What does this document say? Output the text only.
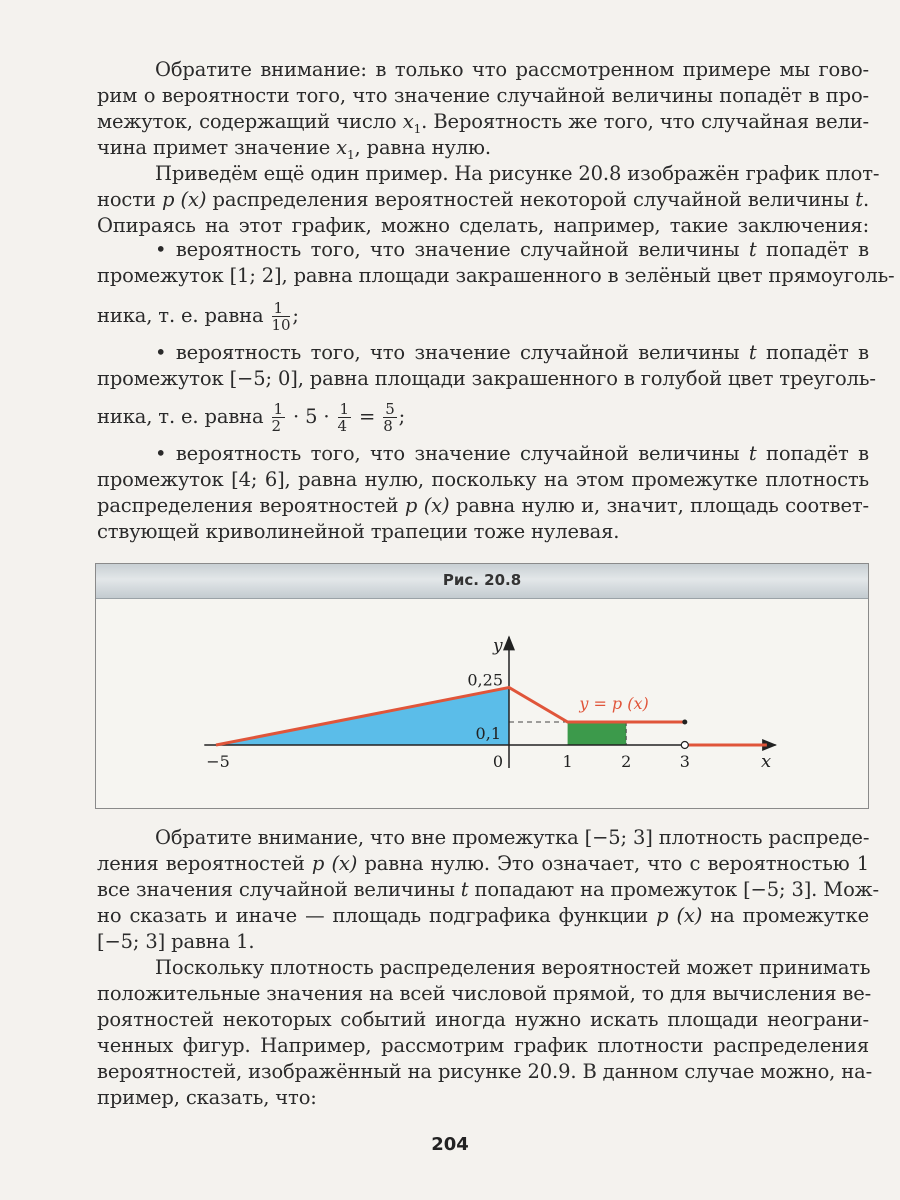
Обратите внимание: в только что рассмотренном примере мы гово-
рим о вероятности того, что значение случайной величины попадёт в про-
межуток, содержащий число $x_1$. Вероятность же того, что случайная вели-
чина примет значение $x_1$, равна нулю.
Приведём ещё один пример. На рисунке 20.8 изображён график плот-
ности p (x) распределения вероятностей некоторой случайной величины t.
Опираясь на этот график, можно сделать, например, такие заключения:
• вероятность того, что значение случайной величины t попадёт в
промежуток [1; 2], равна площади закрашенного в зелёный цвет прямоуголь-
ника, т. е. равна $\frac{1}{10}$ ;
• вероятность того, что значение случайной величины t попадёт в
промежуток [−5; 0], равна площади закрашенного в голубой цвет треуголь-
ника, т. е. равна $\frac{1}{2} \cdot 5 \cdot \frac{1}{4} = \frac{5}{8}$ ;
• вероятность того, что значение случайной величины t попадёт в
промежуток [4; 6], равна нулю, поскольку на этом промежутке плотность
распределения вероятностей p (x) равна нулю и, значит, площадь соответ-
ствующей криволинейной трапеции тоже нулевая.
Рис. 20.8
x
y
0,25
0,1
−5	0	1	2	3
y = p (x)
Обратите внимание, что вне промежутка [−5; 3] плотность распреде-
ления вероятностей p (x) равна нулю. Это означает, что с вероятностью 1
все значения случайной величины t попадают на промежуток [−5; 3]. Мож-
но сказать и иначе — площадь подграфика функции p (x) на промежутке
[−5; 3] равна 1.
Поскольку плотность распределения вероятностей может принимать
положительные значения на всей числовой прямой, то для вычисления ве-
роятностей некоторых событий иногда нужно искать площади неограни-
ченных фигур. Например, рассмотрим график плотности распределения
вероятностей, изображённый на рисунке 20.9. В данном случае можно, на-
пример, сказать, что:
204
